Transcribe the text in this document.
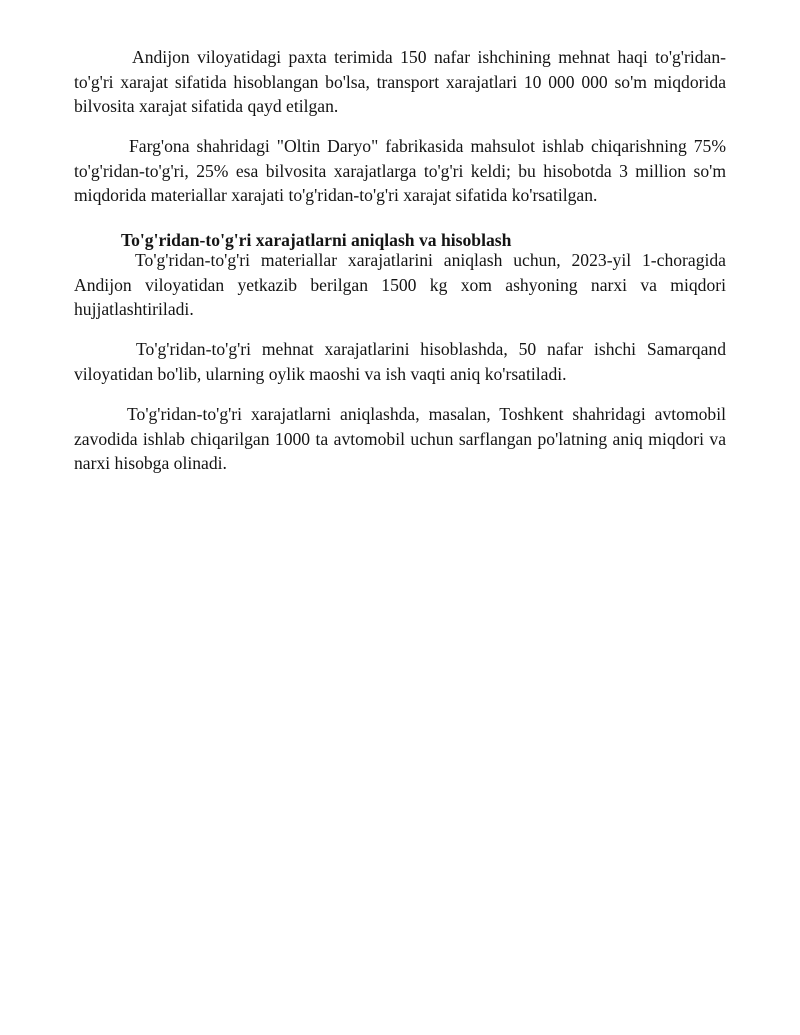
Andijon viloyatidagi paxta terimida 150 nafar ishchining mehnat haqi to'g'ridan-to'g'ri xarajat sifatida hisoblangan bo'lsa, transport xarajatlari 10 000 000 so'm miqdorida bilvosita xarajat sifatida qayd etilgan.

Farg'ona shahridagi "Oltin Daryo" fabrikasida mahsulot ishlab chiqarishning 75% to'g'ridan-to'g'ri, 25% esa bilvosita xarajatlarga to'g'ri keldi; bu hisobotda 3 million so'm miqdorida materiallar xarajati to'g'ridan-to'g'ri xarajat sifatida ko'rsatilgan.

To'g'ridan-to'g'ri xarajatlarni aniqlash va hisoblash

To'g'ridan-to'g'ri materiallar xarajatlarini aniqlash uchun, 2023-yil 1-choragida Andijon viloyatidan yetkazib berilgan 1500 kg xom ashyoning narxi va miqdori hujjatlashtiriladi.

To'g'ridan-to'g'ri mehnat xarajatlarini hisoblashda, 50 nafar ishchi Samarqand viloyatidan bo'lib, ularning oylik maoshi va ish vaqti aniq ko'rsatiladi.

To'g'ridan-to'g'ri xarajatlarni aniqlashda, masalan, Toshkent shahridagi avtomobil zavodida ishlab chiqarilgan 1000 ta avtomobil uchun sarflangan po'latning aniq miqdori va narxi hisobga olinadi.
